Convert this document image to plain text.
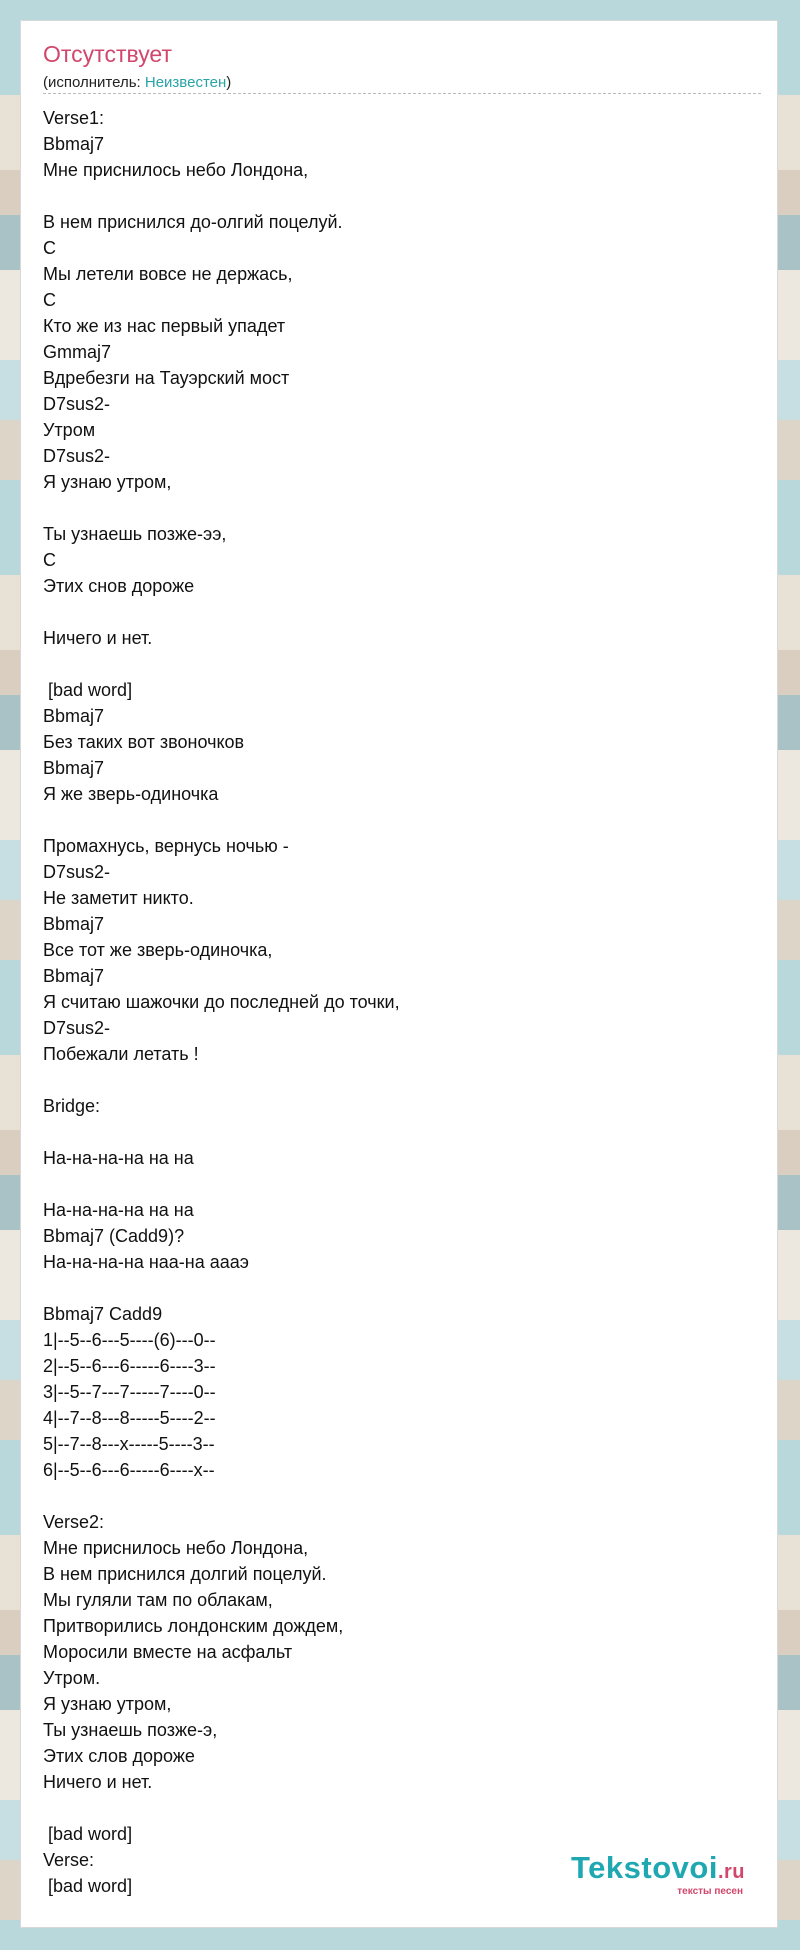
Отсутствует
(исполнитель: Неизвестен)
Verse1:
Bbmaj7
Мне приснилось небо Лондона,

В нем приснился до-олгий поцелуй.
C
Мы летели вовсе не держась,
C
Кто же из нас первый упадет
Gmmaj7
Вдребезги на Тауэрский мост
D7sus2-
Утром
D7sus2-
Я узнаю утром,

Ты узнаешь позже-ээ,
C
Этих снов дороже

Ничего и нет.

[bad word]
Bbmaj7
Без таких вот звоночков
Bbmaj7
Я же зверь-одиночка

Промахнусь, вернусь ночью -
D7sus2-
Не заметит никто.
Bbmaj7
Все тот же зверь-одиночка,
Bbmaj7
Я считаю шажочки до последней до точки,
D7sus2-
Побежали летать !

Bridge:

На-на-на-на на на

На-на-на-на на на
Bbmaj7 (Cadd9)?
На-на-на-на наа-на аааэ

Bbmaj7 Cadd9
1|--5--6---5----(6)---0--
2|--5--6---6-----6----3--
3|--5--7---7-----7----0--
4|--7--8---8-----5----2--
5|--7--8---x-----5----3--
6|--5--6---6-----6----x--

Verse2:
Мне приснилось небо Лондона,
В нем приснился долгий поцелуй.
Мы гуляли там по облакам,
Притворились лондонским дождем,
Моросили вместе на асфальт
Утром.
Я узнаю утром,
Ты узнаешь позже-э,
Этих слов дороже
Ничего и нет.

[bad word]
Verse:
[bad word]
Tekstovoi.ru
тексты песен
